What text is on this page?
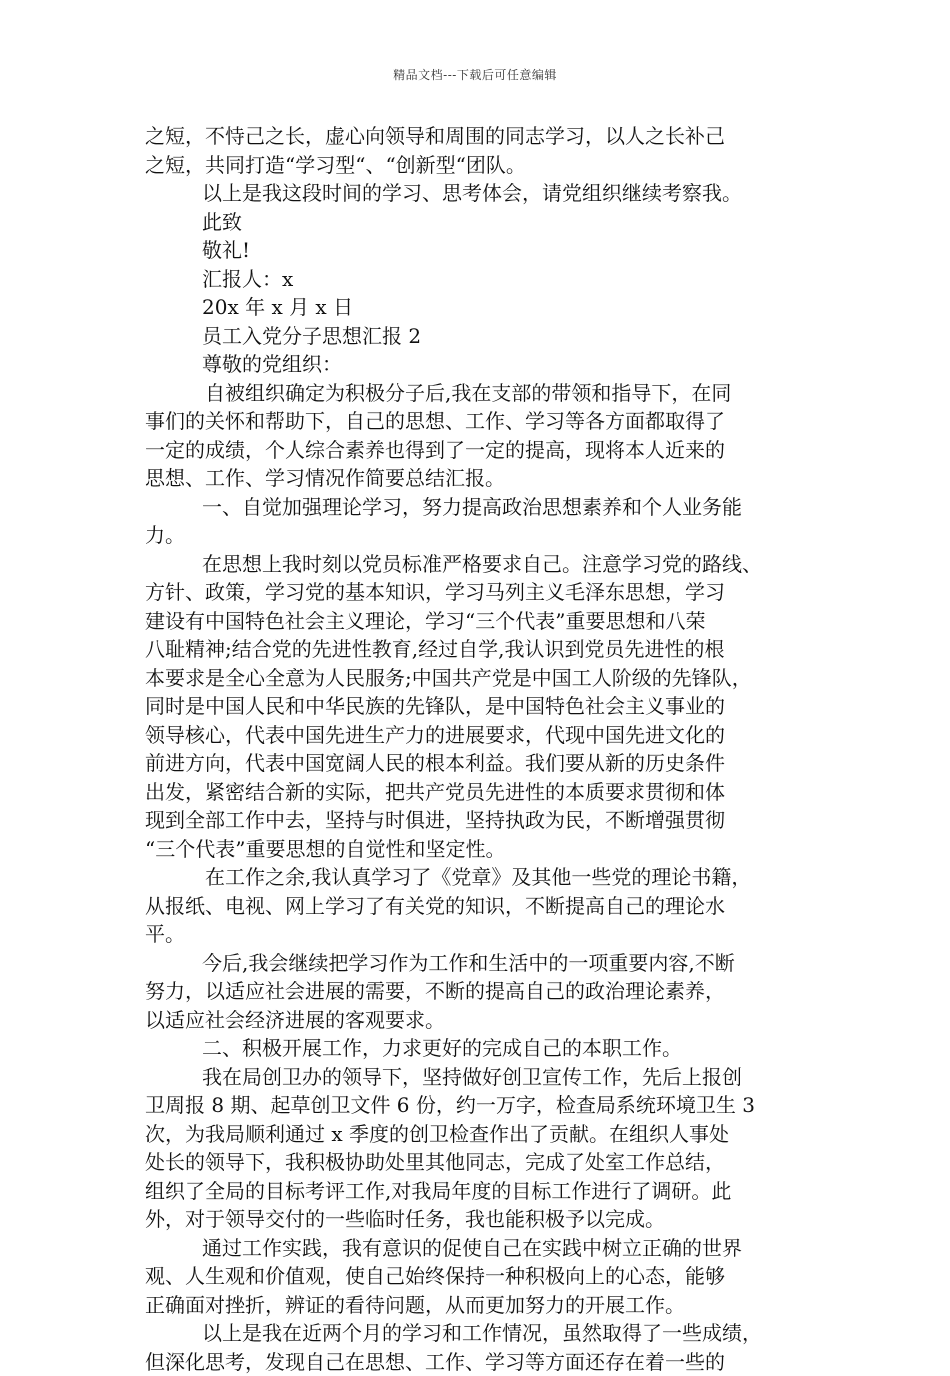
精品文档---下载后可任意编辑
之短，不恃己之长，虚心向领导和周围的同志学习，以人之长补己
之短，共同打造“学习型“、“创新型“团队。
以上是我这段时间的学习、思考体会，请党组织继续考察我。
此致
敬礼!
汇报人：x
20x 年 x 月 x 日
员工入党分子思想汇报 2
尊敬的党组织：
自被组织确定为积极分子后,我在支部的带领和指导下，在同
事们的关怀和帮助下，自己的思想、工作、学习等各方面都取得了
一定的成绩，个人综合素养也得到了一定的提高，现将本人近来的
思想、工作、学习情况作简要总结汇报。
一、自觉加强理论学习，努力提高政治思想素养和个人业务能
力。
在思想上我时刻以党员标准严格要求自己。注意学习党的路线、
方针、政策，学习党的基本知识，学习马列主义毛泽东思想，学习
建设有中国特色社会主义理论，学习“三个代表”重要思想和八荣
八耻精神;结合党的先进性教育,经过自学,我认识到党员先进性的根
本要求是全心全意为人民服务;中国共产党是中国工人阶级的先锋队，
同时是中国人民和中华民族的先锋队，是中国特色社会主义事业的
领导核心，代表中国先进生产力的进展要求，代现中国先进文化的
前进方向，代表中国宽阔人民的根本利益。我们要从新的历史条件
出发，紧密结合新的实际，把共产党员先进性的本质要求贯彻和体
现到全部工作中去，坚持与时俱进，坚持执政为民，不断增强贯彻
“三个代表”重要思想的自觉性和坚定性。
在工作之余,我认真学习了《党章》及其他一些党的理论书籍，
从报纸、电视、网上学习了有关党的知识，不断提高自己的理论水
平。
今后,我会继续把学习作为工作和生活中的一项重要内容,不断
努力，以适应社会进展的需要，不断的提高自己的政治理论素养，
以适应社会经济进展的客观要求。
二、积极开展工作，力求更好的完成自己的本职工作。
我在局创卫办的领导下，坚持做好创卫宣传工作，先后上报创
卫周报 8 期、起草创卫文件 6 份，约一万字，检查局系统环境卫生 3
次，为我局顺利通过 x 季度的创卫检查作出了贡献。在组织人事处
处长的领导下，我积极协助处里其他同志，完成了处室工作总结，
组织了全局的目标考评工作,对我局年度的目标工作进行了调研。此
外，对于领导交付的一些临时任务，我也能积极予以完成。
通过工作实践，我有意识的促使自己在实践中树立正确的世界
观、人生观和价值观，使自己始终保持一种积极向上的心态，能够
正确面对挫折，辨证的看待问题，从而更加努力的开展工作。
以上是我在近两个月的学习和工作情况，虽然取得了一些成绩，
但深化思考，发现自己在思想、工作、学习等方面还存在着一些的
